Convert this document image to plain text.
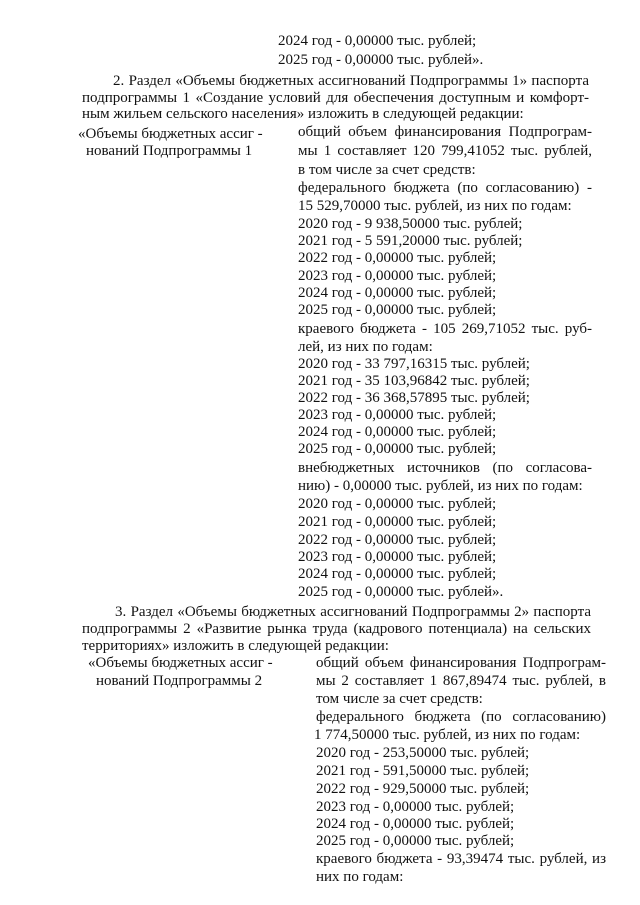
2024 год - 0,00000 тыс. рублей;
2025 год - 0,00000 тыс. рублей».
2. Раздел «Объемы бюджетных ассигнований Подпрограммы 1» паспорта
подпрограммы 1 «Создание условий для обеспечения доступным и комфорт-
ным жильем сельского населения» изложить в следующей редакции:
«Объемы бюджетных ассиг -
нований Подпрограммы 1
общий объем финансирования Подпрограм-
мы 1 составляет 120 799,41052 тыс. рублей,
в том числе за счет средств:
федерального бюджета (по согласованию) -
15 529,70000 тыс. рублей, из них по годам:
2020 год - 9 938,50000 тыс. рублей;
2021 год - 5 591,20000 тыс. рублей;
2022 год - 0,00000 тыс. рублей;
2023 год - 0,00000 тыс. рублей;
2024 год - 0,00000 тыс. рублей;
2025 год - 0,00000 тыс. рублей;
краевого бюджета - 105 269,71052 тыс. руб-
лей, из них по годам:
2020 год - 33 797,16315 тыс. рублей;
2021 год - 35 103,96842 тыс. рублей;
2022 год - 36 368,57895 тыс. рублей;
2023 год - 0,00000 тыс. рублей;
2024 год - 0,00000 тыс. рублей;
2025 год - 0,00000 тыс. рублей;
внебюджетных источников (по согласова-
нию) - 0,00000 тыс. рублей, из них по годам:
2020 год - 0,00000 тыс. рублей;
2021 год - 0,00000 тыс. рублей;
2022 год - 0,00000 тыс. рублей;
2023 год - 0,00000 тыс. рублей;
2024 год - 0,00000 тыс. рублей;
2025 год - 0,00000 тыс. рублей».
3. Раздел «Объемы бюджетных ассигнований Подпрограммы 2» паспорта
подпрограммы 2 «Развитие рынка труда (кадрового потенциала) на сельских
территориях» изложить в следующей редакции:
«Объемы бюджетных ассиг -
нований Подпрограммы 2
общий объем финансирования Подпрограм-
мы 2 составляет 1 867,89474 тыс. рублей, в
том числе за счет средств:
федерального бюджета (по согласованию)
1 774,50000 тыс. рублей, из них по годам:
2020 год - 253,50000 тыс. рублей;
2021 год - 591,50000 тыс. рублей;
2022 год - 929,50000 тыс. рублей;
2023 год - 0,00000 тыс. рублей;
2024 год - 0,00000 тыс. рублей;
2025 год - 0,00000 тыс. рублей;
краевого бюджета - 93,39474 тыс. рублей, из
них по годам:
